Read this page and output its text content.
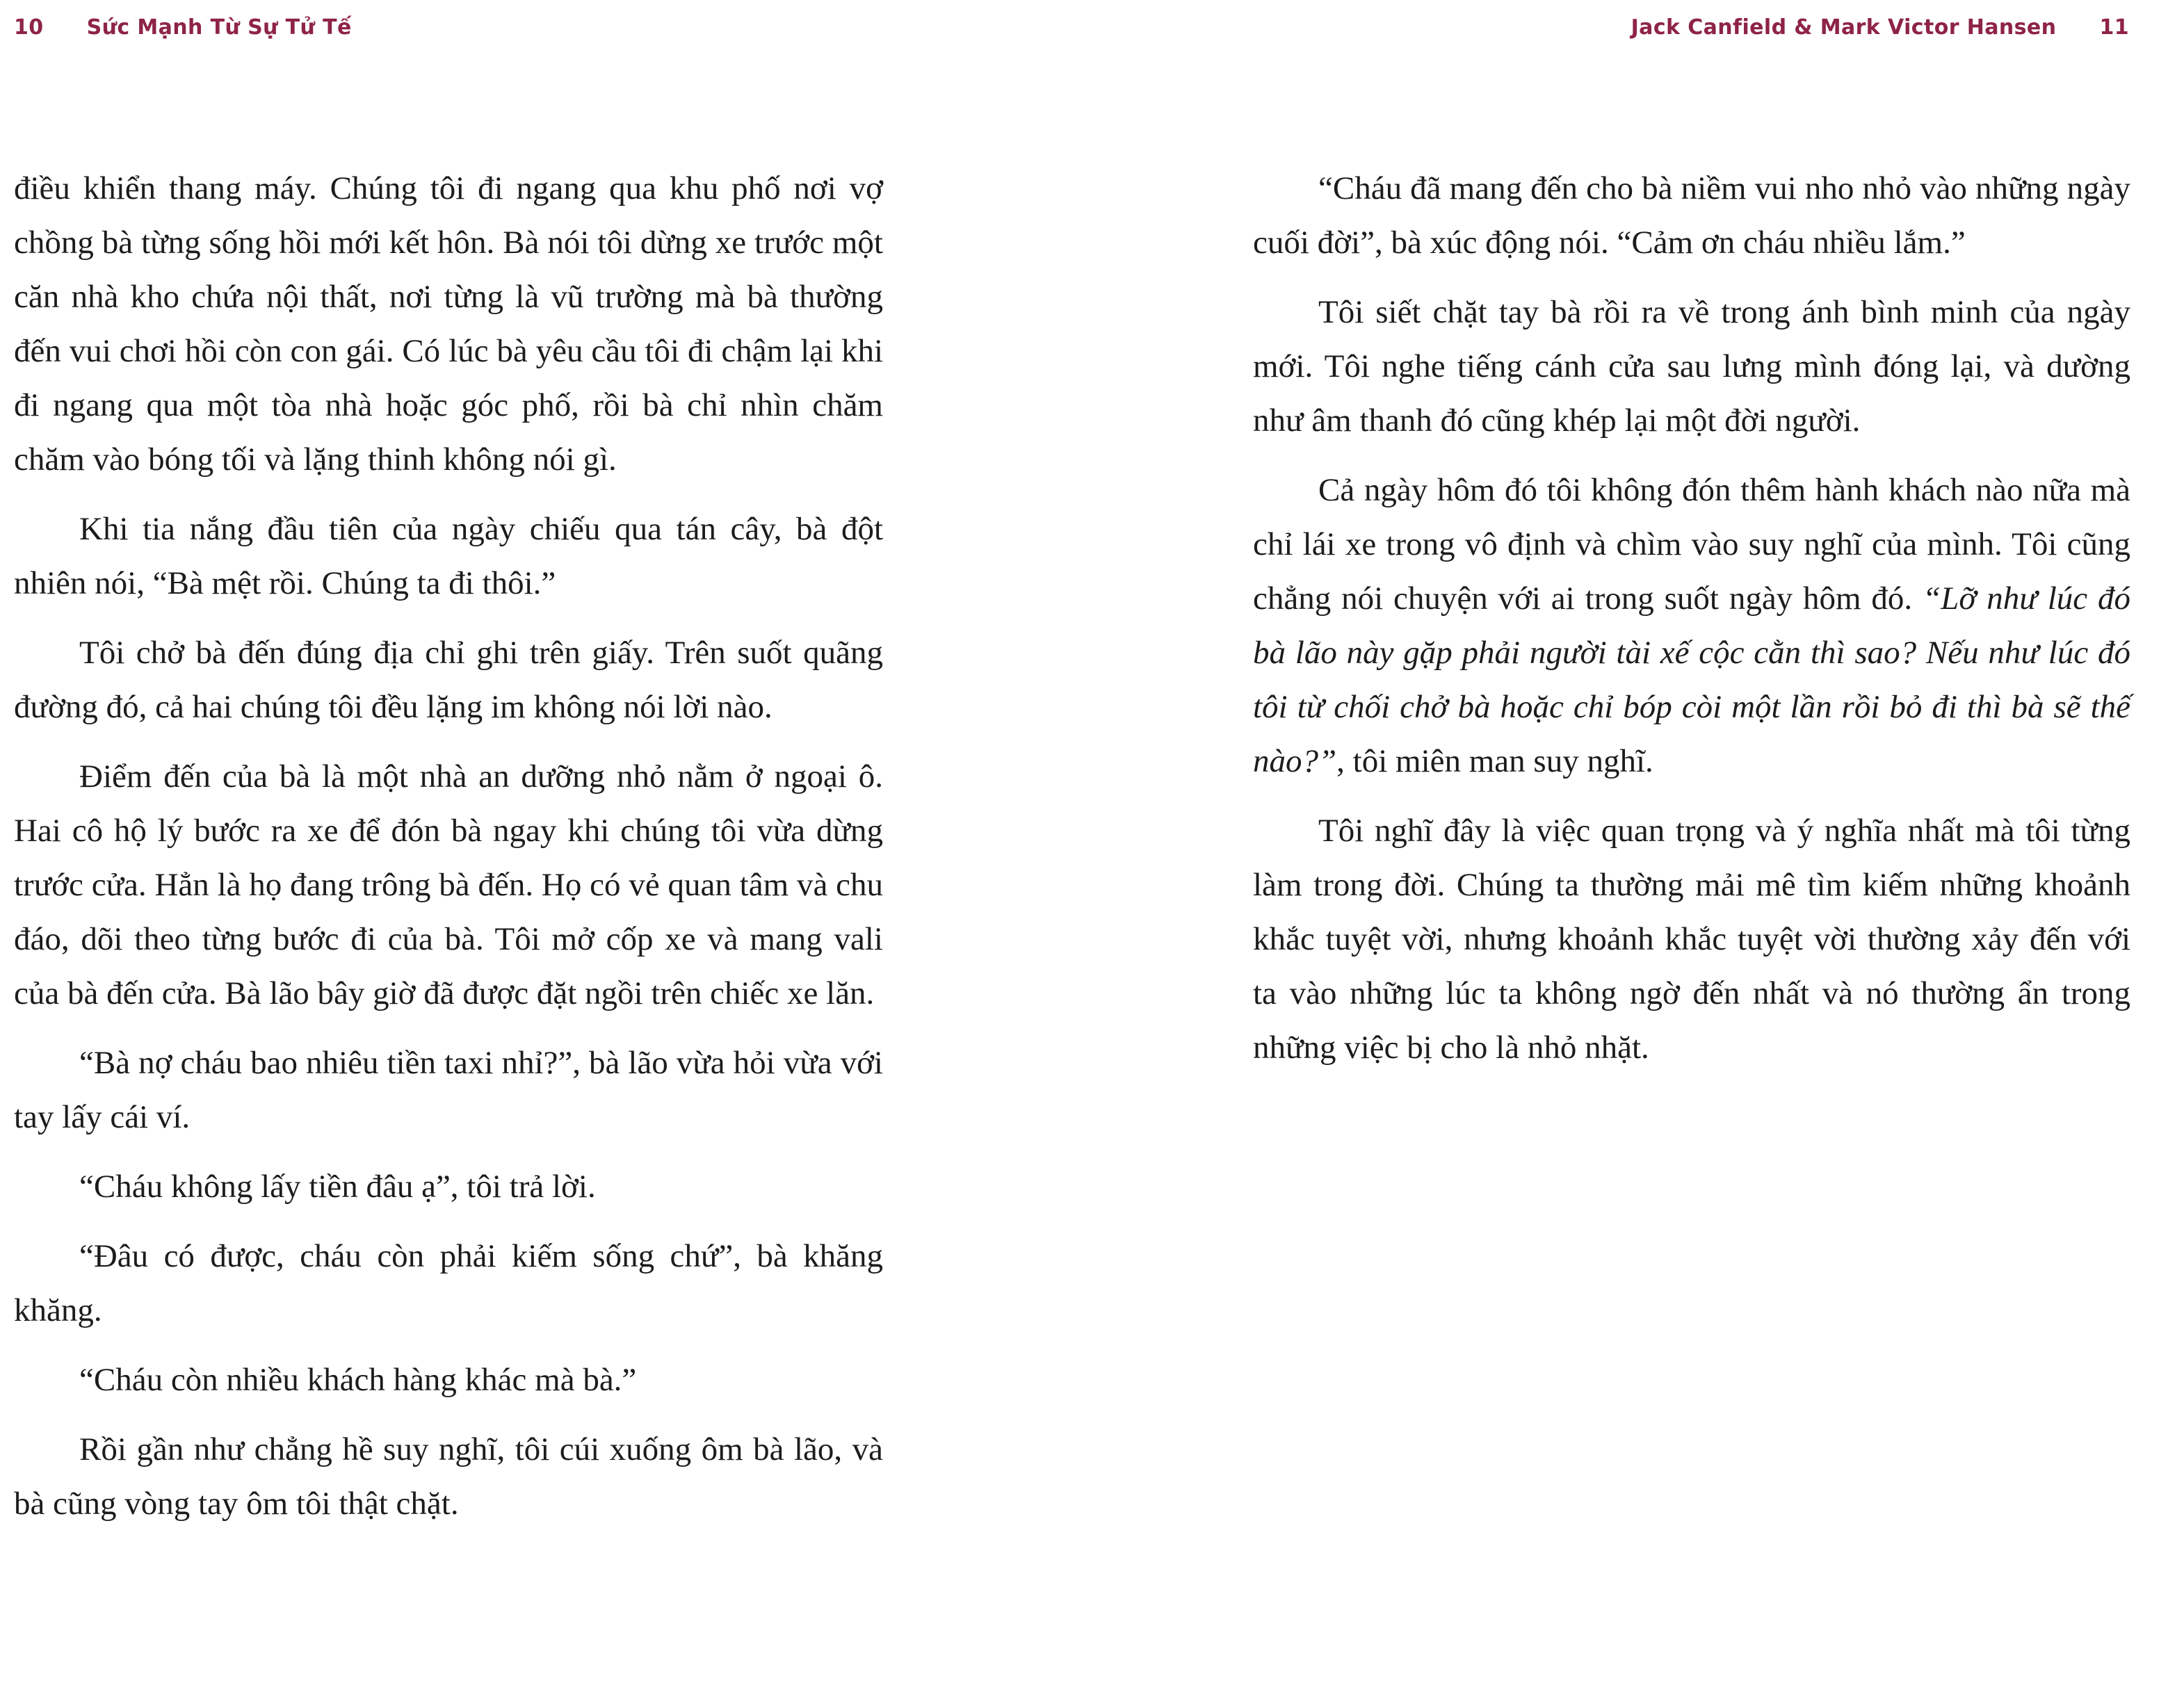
10 Sức Mạnh Từ Sự Tử Tế	Jack Canfield & Mark Victor Hansen 11

điều khiển thang máy. Chúng tôi đi ngang qua khu phố nơi vợ chồng bà từng sống hồi mới kết hôn. Bà nói tôi dừng xe trước một căn nhà kho chứa nội thất, nơi từng là vũ trường mà bà thường đến vui chơi hồi còn con gái. Có lúc bà yêu cầu tôi đi chậm lại khi đi ngang qua một tòa nhà hoặc góc phố, rồi bà chỉ nhìn chăm chăm vào bóng tối và lặng thinh không nói gì.

Khi tia nắng đầu tiên của ngày chiếu qua tán cây, bà đột nhiên nói, “Bà mệt rồi. Chúng ta đi thôi.”

Tôi chở bà đến đúng địa chỉ ghi trên giấy. Trên suốt quãng đường đó, cả hai chúng tôi đều lặng im không nói lời nào.

Điểm đến của bà là một nhà an dưỡng nhỏ nằm ở ngoại ô. Hai cô hộ lý bước ra xe để đón bà ngay khi chúng tôi vừa dừng trước cửa. Hẳn là họ đang trông bà đến. Họ có vẻ quan tâm và chu đáo, dõi theo từng bước đi của bà. Tôi mở cốp xe và mang vali của bà đến cửa. Bà lão bây giờ đã được đặt ngồi trên chiếc xe lăn.

“Bà nợ cháu bao nhiêu tiền taxi nhỉ?”, bà lão vừa hỏi vừa với tay lấy cái ví.

“Cháu không lấy tiền đâu ạ”, tôi trả lời.

“Đâu có được, cháu còn phải kiếm sống chứ”, bà khăng khăng.

“Cháu còn nhiều khách hàng khác mà bà.”

Rồi gần như chẳng hề suy nghĩ, tôi cúi xuống ôm bà lão, và bà cũng vòng tay ôm tôi thật chặt.

“Cháu đã mang đến cho bà niềm vui nho nhỏ vào những ngày cuối đời”, bà xúc động nói. “Cảm ơn cháu nhiều lắm.”

Tôi siết chặt tay bà rồi ra về trong ánh bình minh của ngày mới. Tôi nghe tiếng cánh cửa sau lưng mình đóng lại, và dường như âm thanh đó cũng khép lại một đời người.

Cả ngày hôm đó tôi không đón thêm hành khách nào nữa mà chỉ lái xe trong vô định và chìm vào suy nghĩ của mình. Tôi cũng chẳng nói chuyện với ai trong suốt ngày hôm đó. “Lỡ như lúc đó bà lão này gặp phải người tài xế cộc cằn thì sao? Nếu như lúc đó tôi từ chối chở bà hoặc chỉ bóp còi một lần rồi bỏ đi thì bà sẽ thế nào?”, tôi miên man suy nghĩ.

Tôi nghĩ đây là việc quan trọng và ý nghĩa nhất mà tôi từng làm trong đời. Chúng ta thường mải mê tìm kiếm những khoảnh khắc tuyệt vời, nhưng khoảnh khắc tuyệt vời thường xảy đến với ta vào những lúc ta không ngờ đến nhất và nó thường ẩn trong những việc bị cho là nhỏ nhặt.
